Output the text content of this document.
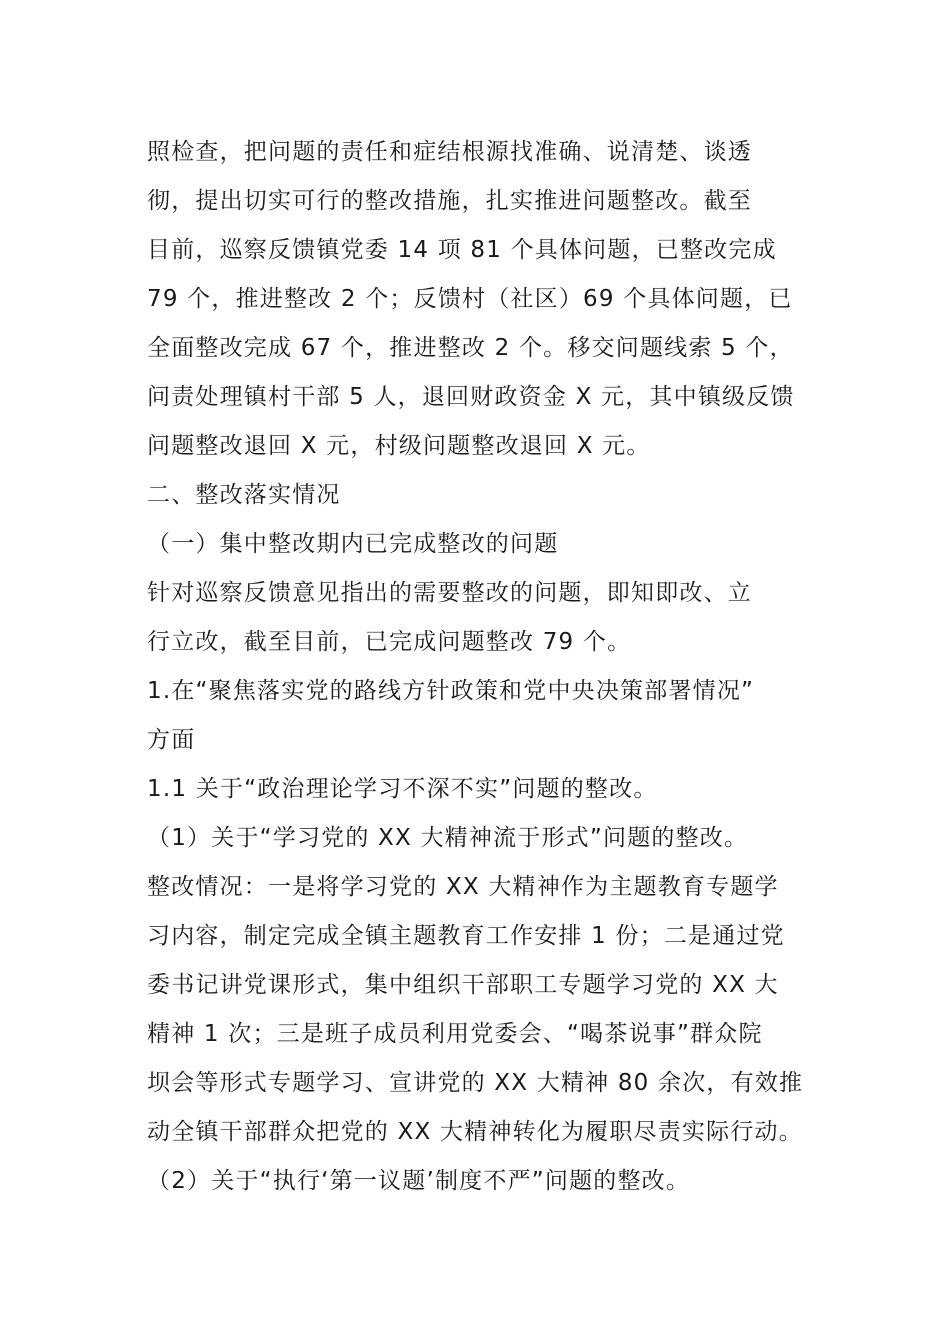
照检查，把问题的责任和症结根源找准确、说清楚、谈透
彻，提出切实可行的整改措施，扎实推进问题整改。截至
目前，巡察反馈镇党委 14 项 81 个具体问题，已整改完成
79 个，推进整改 2 个；反馈村（社区）69 个具体问题，已
全面整改完成 67 个，推进整改 2 个。移交问题线索 5 个，
问责处理镇村干部 5 人，退回财政资金 X 元，其中镇级反馈
问题整改退回 X 元，村级问题整改退回 X 元。
二、整改落实情况
（一）集中整改期内已完成整改的问题
针对巡察反馈意见指出的需要整改的问题，即知即改、立
行立改，截至目前，已完成问题整改 79 个。
1.在“聚焦落实党的路线方针政策和党中央决策部署情况”
方面
1.1 关于“政治理论学习不深不实”问题的整改。
（1）关于“学习党的 XX 大精神流于形式”问题的整改。
整改情况：一是将学习党的 XX 大精神作为主题教育专题学
习内容，制定完成全镇主题教育工作安排 1 份；二是通过党
委书记讲党课形式，集中组织干部职工专题学习党的 XX 大
精神 1 次；三是班子成员利用党委会、“喝茶说事”群众院
坝会等形式专题学习、宣讲党的 XX 大精神 80 余次，有效推
动全镇干部群众把党的 XX 大精神转化为履职尽责实际行动。
（2）关于“执行‘第一议题’制度不严”问题的整改。
